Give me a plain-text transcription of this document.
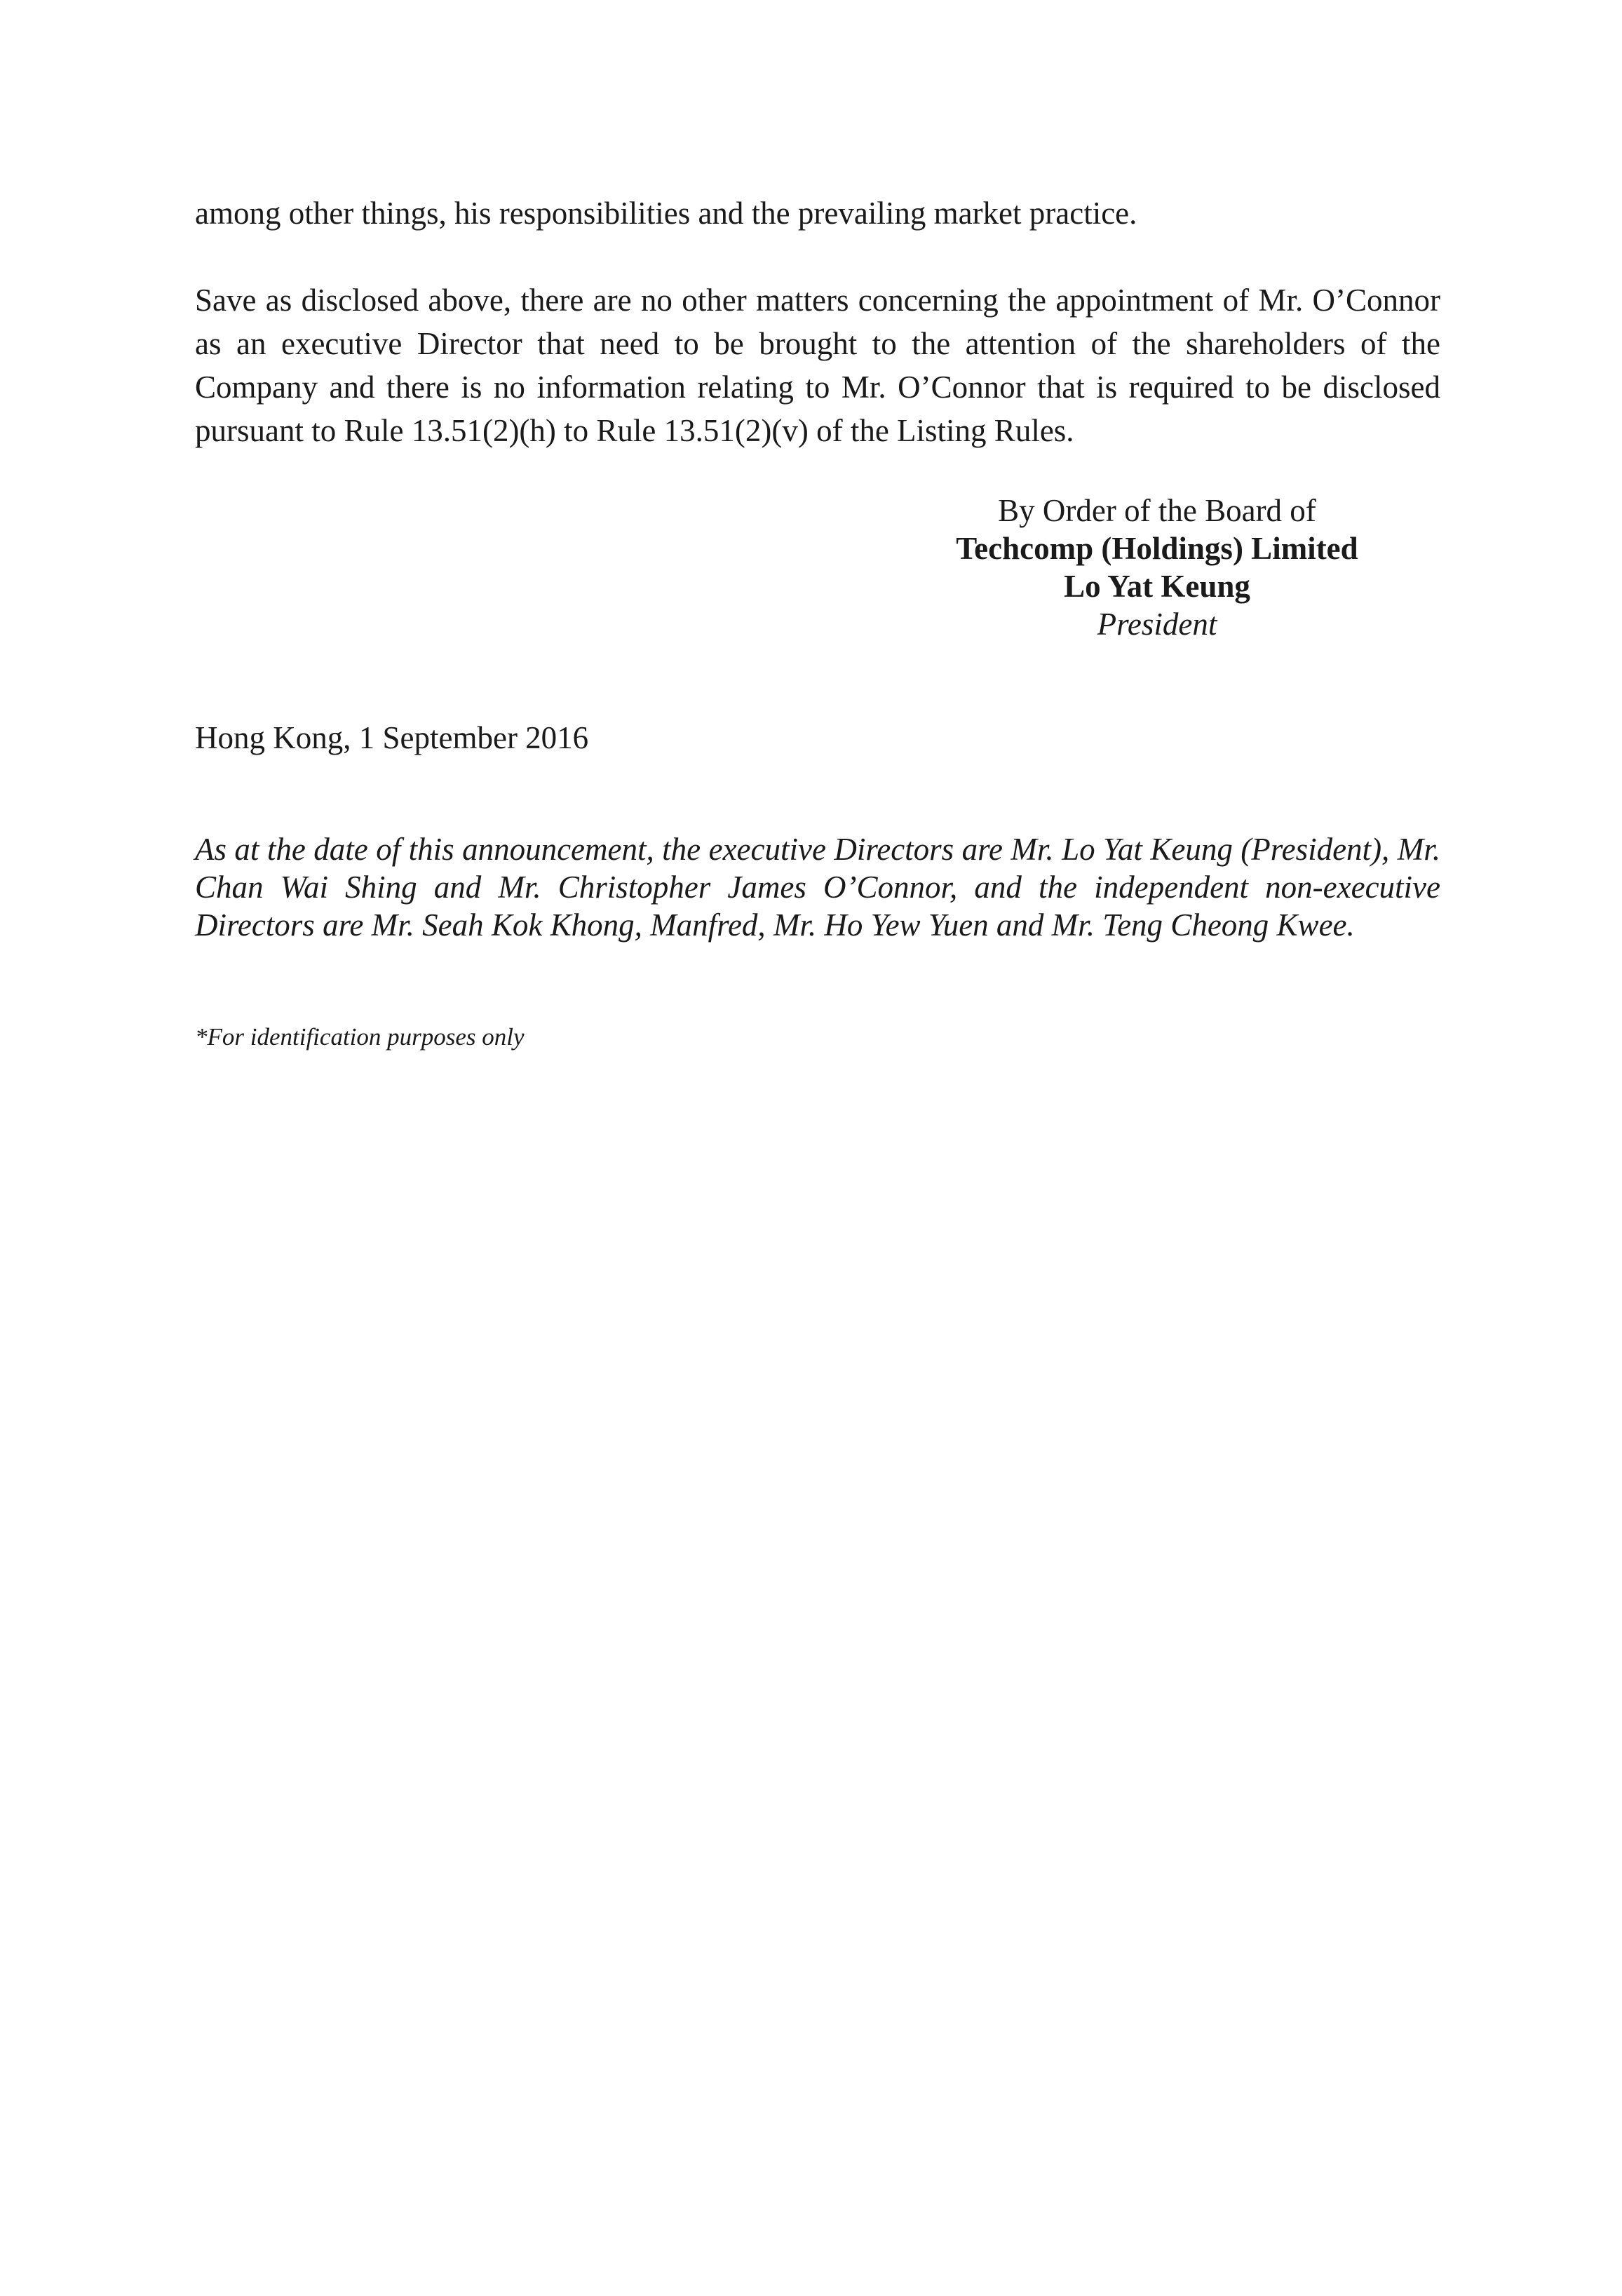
among other things, his responsibilities and the prevailing market practice.

Save as disclosed above, there are no other matters concerning the appointment of Mr. O’Connor as an executive Director that need to be brought to the attention of the shareholders of the Company and there is no information relating to Mr. O’Connor that is required to be disclosed pursuant to Rule 13.51(2)(h) to Rule 13.51(2)(v) of the Listing Rules.

By Order of the Board of
Techcomp (Holdings) Limited
Lo Yat Keung
President

Hong Kong, 1 September 2016

As at the date of this announcement, the executive Directors are Mr. Lo Yat Keung (President), Mr. Chan Wai Shing and Mr. Christopher James O’Connor, and the independent non-executive Directors are Mr. Seah Kok Khong, Manfred, Mr. Ho Yew Yuen and Mr. Teng Cheong Kwee.

*For identification purposes only
